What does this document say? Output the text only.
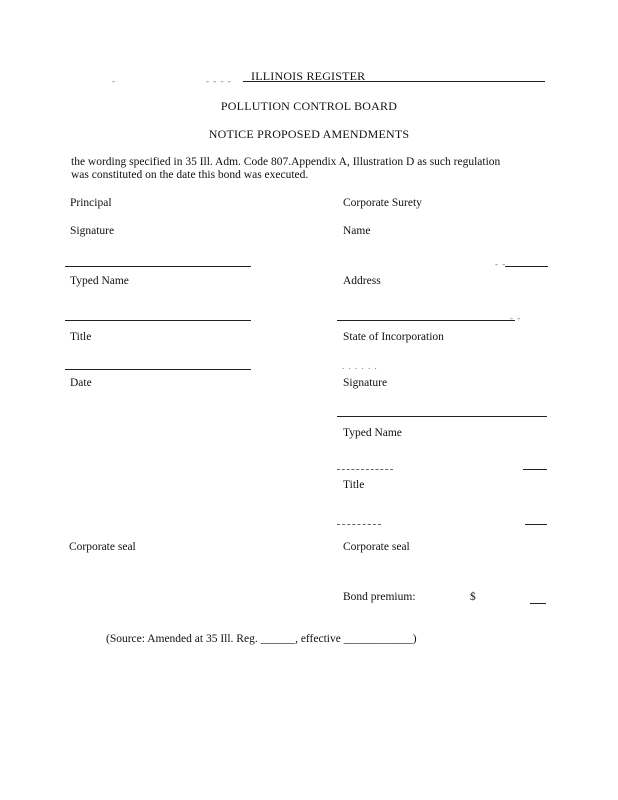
-	- - - - ILLINOIS REGISTER
POLLUTION CONTROL BOARD
NOTICE PROPOSED AMENDMENTS
the wording specified in 35 Ill. Adm. Code 807.Appendix A, Illustration D as such regulation
was constituted on the date this bond was executed.
Principal
Signature
Typed Name
Title
Date
Corporate seal
Corporate Surety
Name
- -
Address
- -
State of Incorporation
. . . . . .
Signature
Typed Name
Title
Corporate seal
Bond premium:	$
(Source: Amended at 35 Ill. Reg. ______, effective ____________)
